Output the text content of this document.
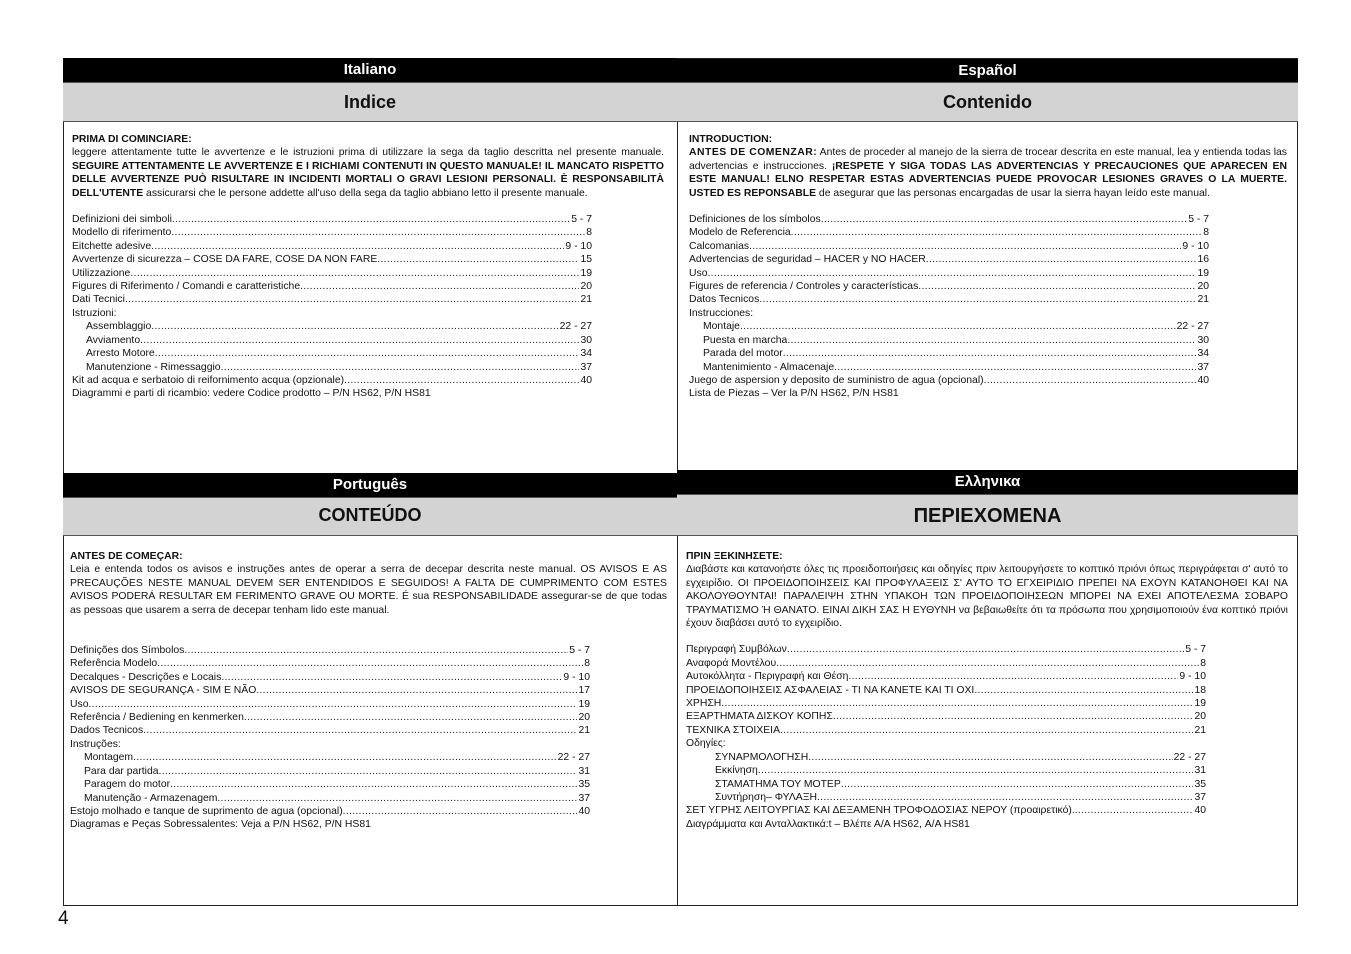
Italiano	Español
Indice	Contenido
PRIMA DI COMINCIARE:
leggere attentamente tutte le avvertenze e le istruzioni prima di utilizzare la sega da taglio descritta nel presente manuale. SEGUIRE ATTENTAMENTE LE AVVERTENZE E I RICHIAMI CONTENUTI IN QUESTO MANUALE! IL MANCATO RISPETTO DELLE AVVERTENZE PUÒ RISULTARE IN INCIDENTI MORTALI O GRAVI LESIONI PERSONALI. È RESPONSABILITÀ DELL'UTENTE assicurarsi che le persone addette all'uso della sega da taglio abbiano letto il presente manuale.
Definizioni dei simboli .....	5 - 7
Modello di riferimento .....	8
Eitchette adesive .....	9 - 10
Avvertenze di sicurezza – COSE DA FARE, COSE DA NON FARE .....	15
Utilizzazione .....	19
Figures di Riferimento / Comandi e caratteristiche .....	20
Dati Tecnici .....	21
Istruzioni:
Assemblaggio .....	22 - 27
Avviamento .....	30
Arresto Motore .....	34
Manutenzione - Rimessaggio .....	37
Kit ad acqua e serbatoio di reifornimento acqua (opzionale) .....	40
Diagrammi e parti di ricambio: vedere Codice prodotto – P/N HS62, P/N HS81
INTRODUCTION:
ANTES DE COMENZAR: Antes de proceder al manejo de la sierra de trocear descrita en este manual, lea y entienda todas las advertencias e instrucciones. ¡RESPETE Y SIGA TODAS LAS ADVERTENCIAS Y PRECAUCIONES QUE APARECEN EN ESTE MANUAL! ELNO RESPETAR ESTAS ADVERTENCIAS PUEDE PROVOCAR LESIONES GRAVES O LA MUERTE. USTED ES REPONSABLE de asegurar que las personas encargadas de usar la sierra hayan leído este manual.
Definiciones de los símbolos .....	5 - 7
Modelo de Referencia .....	8
Calcomanias .....	9 - 10
Advertencias de seguridad – HACER y NO HACER .....	16
Uso .....	19
Figures de referencia / Controles y características .....	20
Datos Tecnicos .....	21
Instrucciones:
Montaje .....	22 - 27
Puesta en marcha .....	30
Parada del motor .....	34
Mantenimiento - Almacenaje .....	37
Juego de aspersion y deposito de suministro de agua (opcional) .....	40
Lista de Piezas – Ver la P/N HS62, P/N HS81
Português	Ελληνικα
CONTEÚDO	ΠΕΡΙΕΧΟΜΕΝΑ
ANTES DE COMEÇAR:
Leia e entenda todos os avisos e instruções antes de operar a serra de decepar descrita neste manual. OS AVISOS E AS PRECAUÇÕES NESTE MANUAL DEVEM SER ENTENDIDOS E SEGUIDOS! A FALTA DE CUMPRIMENTO COM ESTES AVISOS PODERÁ RESULTAR EM FERIMENTO GRAVE OU MORTE. É sua RESPONSABILIDADE assegurar-se de que todas as pessoas que usarem a serra de decepar tenham lido este manual.
Definições dos Símbolos .....	5 - 7
Referência Modelo .....	8
Decalques - Descrições e Locais .....	9 - 10
AVISOS DE SEGURANÇA - SIM E NÃO .....	17
Uso .....	19
Referência / Bediening en kenmerken .....	20
Dados Tecnicos .....	21
Instruções:
Montagem .....	22 - 27
Para dar partida .....	31
Paragem do motor .....	35
Manutenção - Armazenagem .....	37
Estojo molhado e tanque de suprimento de agua (opcional) .....	40
Diagramas e Peças Sobressalentes: Veja a P/N HS62, P/N HS81
ΠΡΙΝ ΞΕΚΙΝΗΣΕΤΕ:
Διαβάστε και κατανοήστε όλες τις προειδοποιήσεις και οδηγίες πριν λειτουργήσετε το κοπτικό πριόνι όπως περιγράφεται σ' αυτό το εγχειρίδιο. ΟΙ ΠΡΟΕΙΔΟΠΟΙΗΣΕΙΣ ΚΑΙ ΠΡΟΦΥΛΑΞΕΙΣ Σ' ΑΥΤΟ ΤΟ ΕΓΧΕΙΡΙΔΙΟ ΠΡΕΠΕΙ ΝΑ ΕΧΟΥΝ ΚΑΤΑΝΟΗΘΕΙ ΚΑΙ ΝΑ ΑΚΟΛΟΥΘΟΥΝΤΑΙ! ΠΑΡΑΛΕΙΨΗ ΣΤΗΝ ΥΠΑΚΟΗ ΤΩΝ ΠΡΟΕΙΔΟΠΟΙΗΣΕΩΝ ΜΠΟΡΕΙ ΝΑ ΕΧΕΙ ΑΠΟΤΕΛΕΣΜΑ ΣΟΒΑΡΟ ΤΡΑΥΜΑΤΙΣΜΟ Ή ΘΑΝΑΤΟ. ΕΙΝΑΙ ΔΙΚΗ ΣΑΣ Η ΕΥΘΥΝΗ να βεβαιωθείτε ότι τα πρόσωπα που χρησιμοποιούν ένα κοπτικό πριόνι έχουν διαβάσει αυτό το εγχειρίδιο.
Περιγραφή Συμβόλων .....	5 - 7
Αναφορά Μοντέλου .....	8
Αυτοκόλλητα - Περιγραφή και Θέση .....	9 - 10
ΠΡΟΕΙΔΟΠΟΙΗΣΕΙΣ ΑΣΦΑΛΕΙΑΣ - ΤΙ ΝΑ ΚΑΝΕΤΕ ΚΑΙ ΤΙ ΟΧΙ .....	18
ΧΡΗΣΗ .....	19
ΕΞΑΡΤΗΜΑΤΑ ΔΙΣΚΟΥ ΚΟΠΗΣ .....	20
ΤΕΧΝΙΚΑ ΣΤΟΙΧΕΙΑ .....	21
Οδηγίες:
ΣΥΝΑΡΜΟΛΟΓΗΣΗ .....	22 - 27
Εκκίνηση .....	31
ΣΤΑΜΑΤΗΜΑ ΤΟΥ ΜΟΤΕΡ .....	35
Συντήρηση– ΦΥΛΑΞΗ .....	37
ΣΕΤ ΥΓΡΗΣ ΛΕΙΤΟΥΡΓΙΑΣ ΚΑΙ ΔΕΞΑΜΕΝΗ ΤΡΟΦΟΔΟΣΙΑΣ ΝΕΡΟΥ (προαιρετικό). .....	40
Διαγράμματα και Ανταλλακτικά:t – Βλέπε Α/Α HS62, Α/Α HS81
4
